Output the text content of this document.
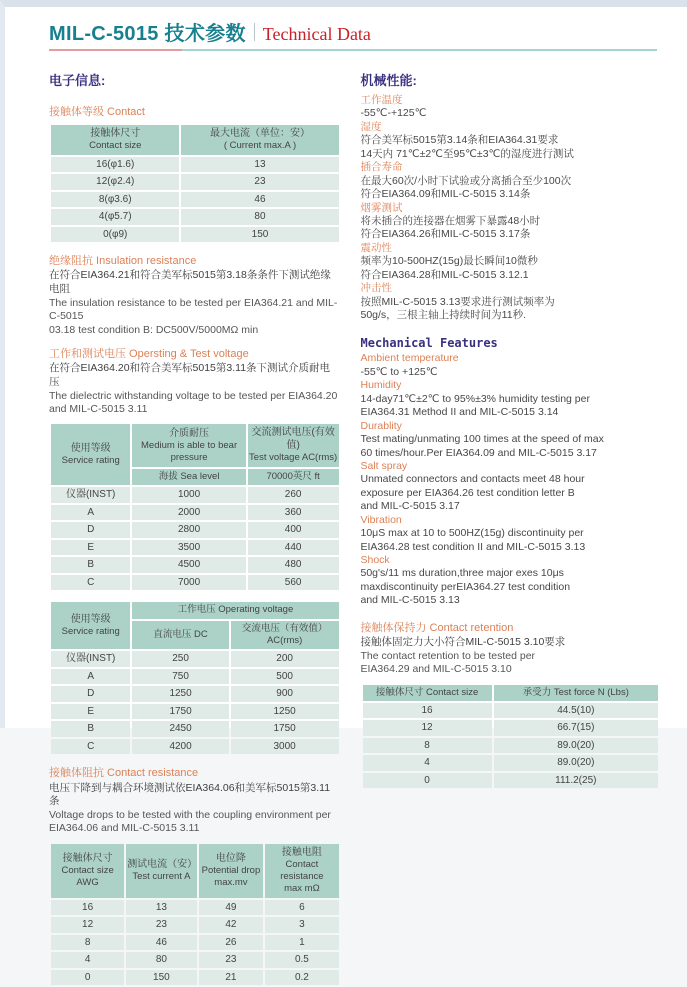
MIL-C-5015 技术参数 Technical Data
电子信息:
接触体等级 Contact
接触体尺寸
Contact size	最大电流（单位：安）
( Current max.A )

16(φ1.6)	13
12(φ2.4)	23
8(φ3.6)	46
4(φ5.7)	80
0(φ9)	150
绝缘阻抗 Insulation resistance
在符合EIA364.21和符合美军标5015第3.18条条件下测试绝缘电阻
The insulation resistance to be tested per EIA364.21 and MIL-C-5015
03.18 test condition B: DC500V/5000MΩ min
工作和测试电压 Opersting & Test voltage
在符合EIA364.20和符合美军标5015第3.11条下测试介质耐电压
The dielectric withstanding voltage to be tested per EIA364.20
and MIL-C-5015 3.11
使用等级
Service rating	介质耐压
Medium is able to bear pressure	交流测试电压(有效值)
Test voltage AC(rms)

	海拔 Sea level	70000英尺 ft
仪器(INST)	1000	260
A	2000	360
D	2800	400
E	3500	440
B	4500	480
C	7000	560
使用等级
Service rating	工作电压 Operating voltage	
	直流电压 DC	交流电压（有效值） AC(rms)
仪器(INST)	250	200
A	750	500
D	1250	900
E	1750	1250
B	2450	1750
C	4200	3000
接触体阻抗 Contact resistance
电压下降到与耦合环境测试依EIA364.06和美军标5015第3.11条
Voltage drops to be tested with the coupling environment per
EIA364.06 and MIL-C-5015 3.11
接触体尺寸
Contact size AWG	测试电流（安）
Test current A	电位降
Potential drop
max.mv	接触电阻
Contact resistance
max mΩ

16	13	49	6
12	23	42	3
8	46	26	1
4	80	23	0.5
0	150	21	0.2
机械性能:
工作温度
-55℃-+125℃
湿度
符合美军标5015第3.14条和EIA364.31要求
14天内 71℃±2℃至95℃±3℃的湿度进行测试
插合寿命
在最大60次/小时下试验或分离插合至少100次
符合EIA364.09和MIL-C-5015 3.14条
烟雾测试
将未插合的连接器在烟雾下暴露48小时
符合EIA364.26和MIL-C-5015 3.17条
震动性
频率为10-500HZ(15g)最长瞬间10微秒
符合EIA364.28和MIL-C-5015 3.12.1
冲击性
按照MIL-C-5015 3.13要求进行测试频率为
50g/s，三根主轴上持续时间为11秒.
Mechanical Features
Ambient temperature
-55℃ to +125℃
Humidity
14-day71℃±2℃ to 95%±3% humidity testing per
EIA364.31 Method II and MIL-C-5015 3.14
Durablity
Test mating/unmating 100 times at the speed of max
60 times/hour.Per EIA364.09 and MIL-C-5015 3.17
Salt spray
Unmated connectors and contacts meet 48 hour
exposure per EIA364.26 test condition letter B
and MIL-C-5015 3.17
Vibration
10μS max at 10 to 500HZ(15g) discontinuity per
EIA364.28 test condition II and MIL-C-5015 3.13
Shock
50g's/11 ms duration,three major exes 10μs
maxdiscontinuity perEIA364.27 test condition
and MIL-C-5015 3.13
接触体保持力 Contact retention
接触体固定力大小符合MIL-C-5015 3.10要求
The contact retention to be tested per
EIA364.29 and MIL-C-5015 3.10
接触体尺寸 Contact size	承受力 Test force N (Lbs)
16	44.5(10)
12	66.7(15)
8	89.0(20)
4	89.0(20)
0	111.2(25)
